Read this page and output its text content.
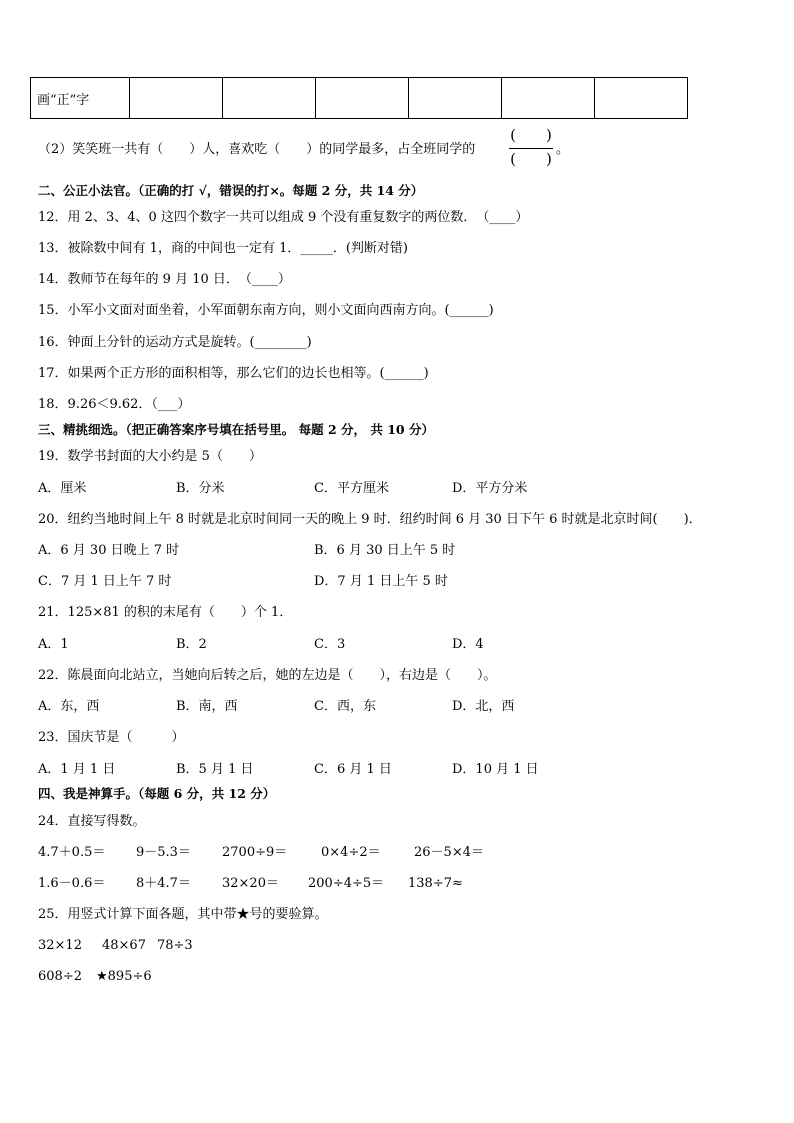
画“正”字						
（2）笑笑班一共有（　　）人，喜欢吃（　　）的同学最多，占全班同学的
(　　)
(　　)
。
二、公正小法官。（正确的打 √，错误的打×。每题 2 分，共 14 分）
12．用 2、3、4、0 这四个数字一共可以组成 9 个没有重复数字的两位数．　（____）
13．被除数中间有 1，商的中间也一定有 1．_____．(判断对错)
14．教师节在每年的 9 月 10 日．　（____）
15．小军小文面对面坐着，小军面朝东南方向，则小文面向西南方向。(______)
16．钟面上分针的运动方式是旋转。(________)
17．如果两个正方形的面积相等，那么它们的边长也相等。(______)
18．9.26＜9.62．（___）
三、精挑细选。（把正确答案序号填在括号里。 每题 2 分， 共 10 分）
19．数学书封面的大小约是 5（　　）
A．厘米	B．分米	C．平方厘米	D．平方分米
20．纽约当地时间上午 8 时就是北京时间同一天的晚上 9 时．纽约时间 6 月 30 日下午 6 时就是北京时间(　　)．
A．6 月 30 日晚上 7 时	B．6 月 30 日上午 5 时
C．7 月 1 日上午 7 时	D．7 月 1 日上午 5 时
21．125×81 的积的末尾有（　　）个 1．
A．1	B．2	C．3	D．4
22．陈晨面向北站立，当她向后转之后，她的左边是（　　），右边是（　　）。
A．东，西	B．南，西	C．西，东	D．北，西
23．国庆节是（　　　）
A．1 月 1 日	B．5 月 1 日	C．6 月 1 日	D．10 月 1 日
四、我是神算手。（每题 6 分，共 12 分）
24．直接写得数。
4.7＋0.5＝ 9－5.3＝ 2700÷9＝	0×4÷2＝	26－5×4＝
1.6－0.6＝ 8＋4.7＝ 32×20＝ 200÷4÷5＝ 138÷7≈
25．用竖式计算下面各题，其中带★号的要验算。
32×12 48×67 78÷3
608÷2 ★895÷6
